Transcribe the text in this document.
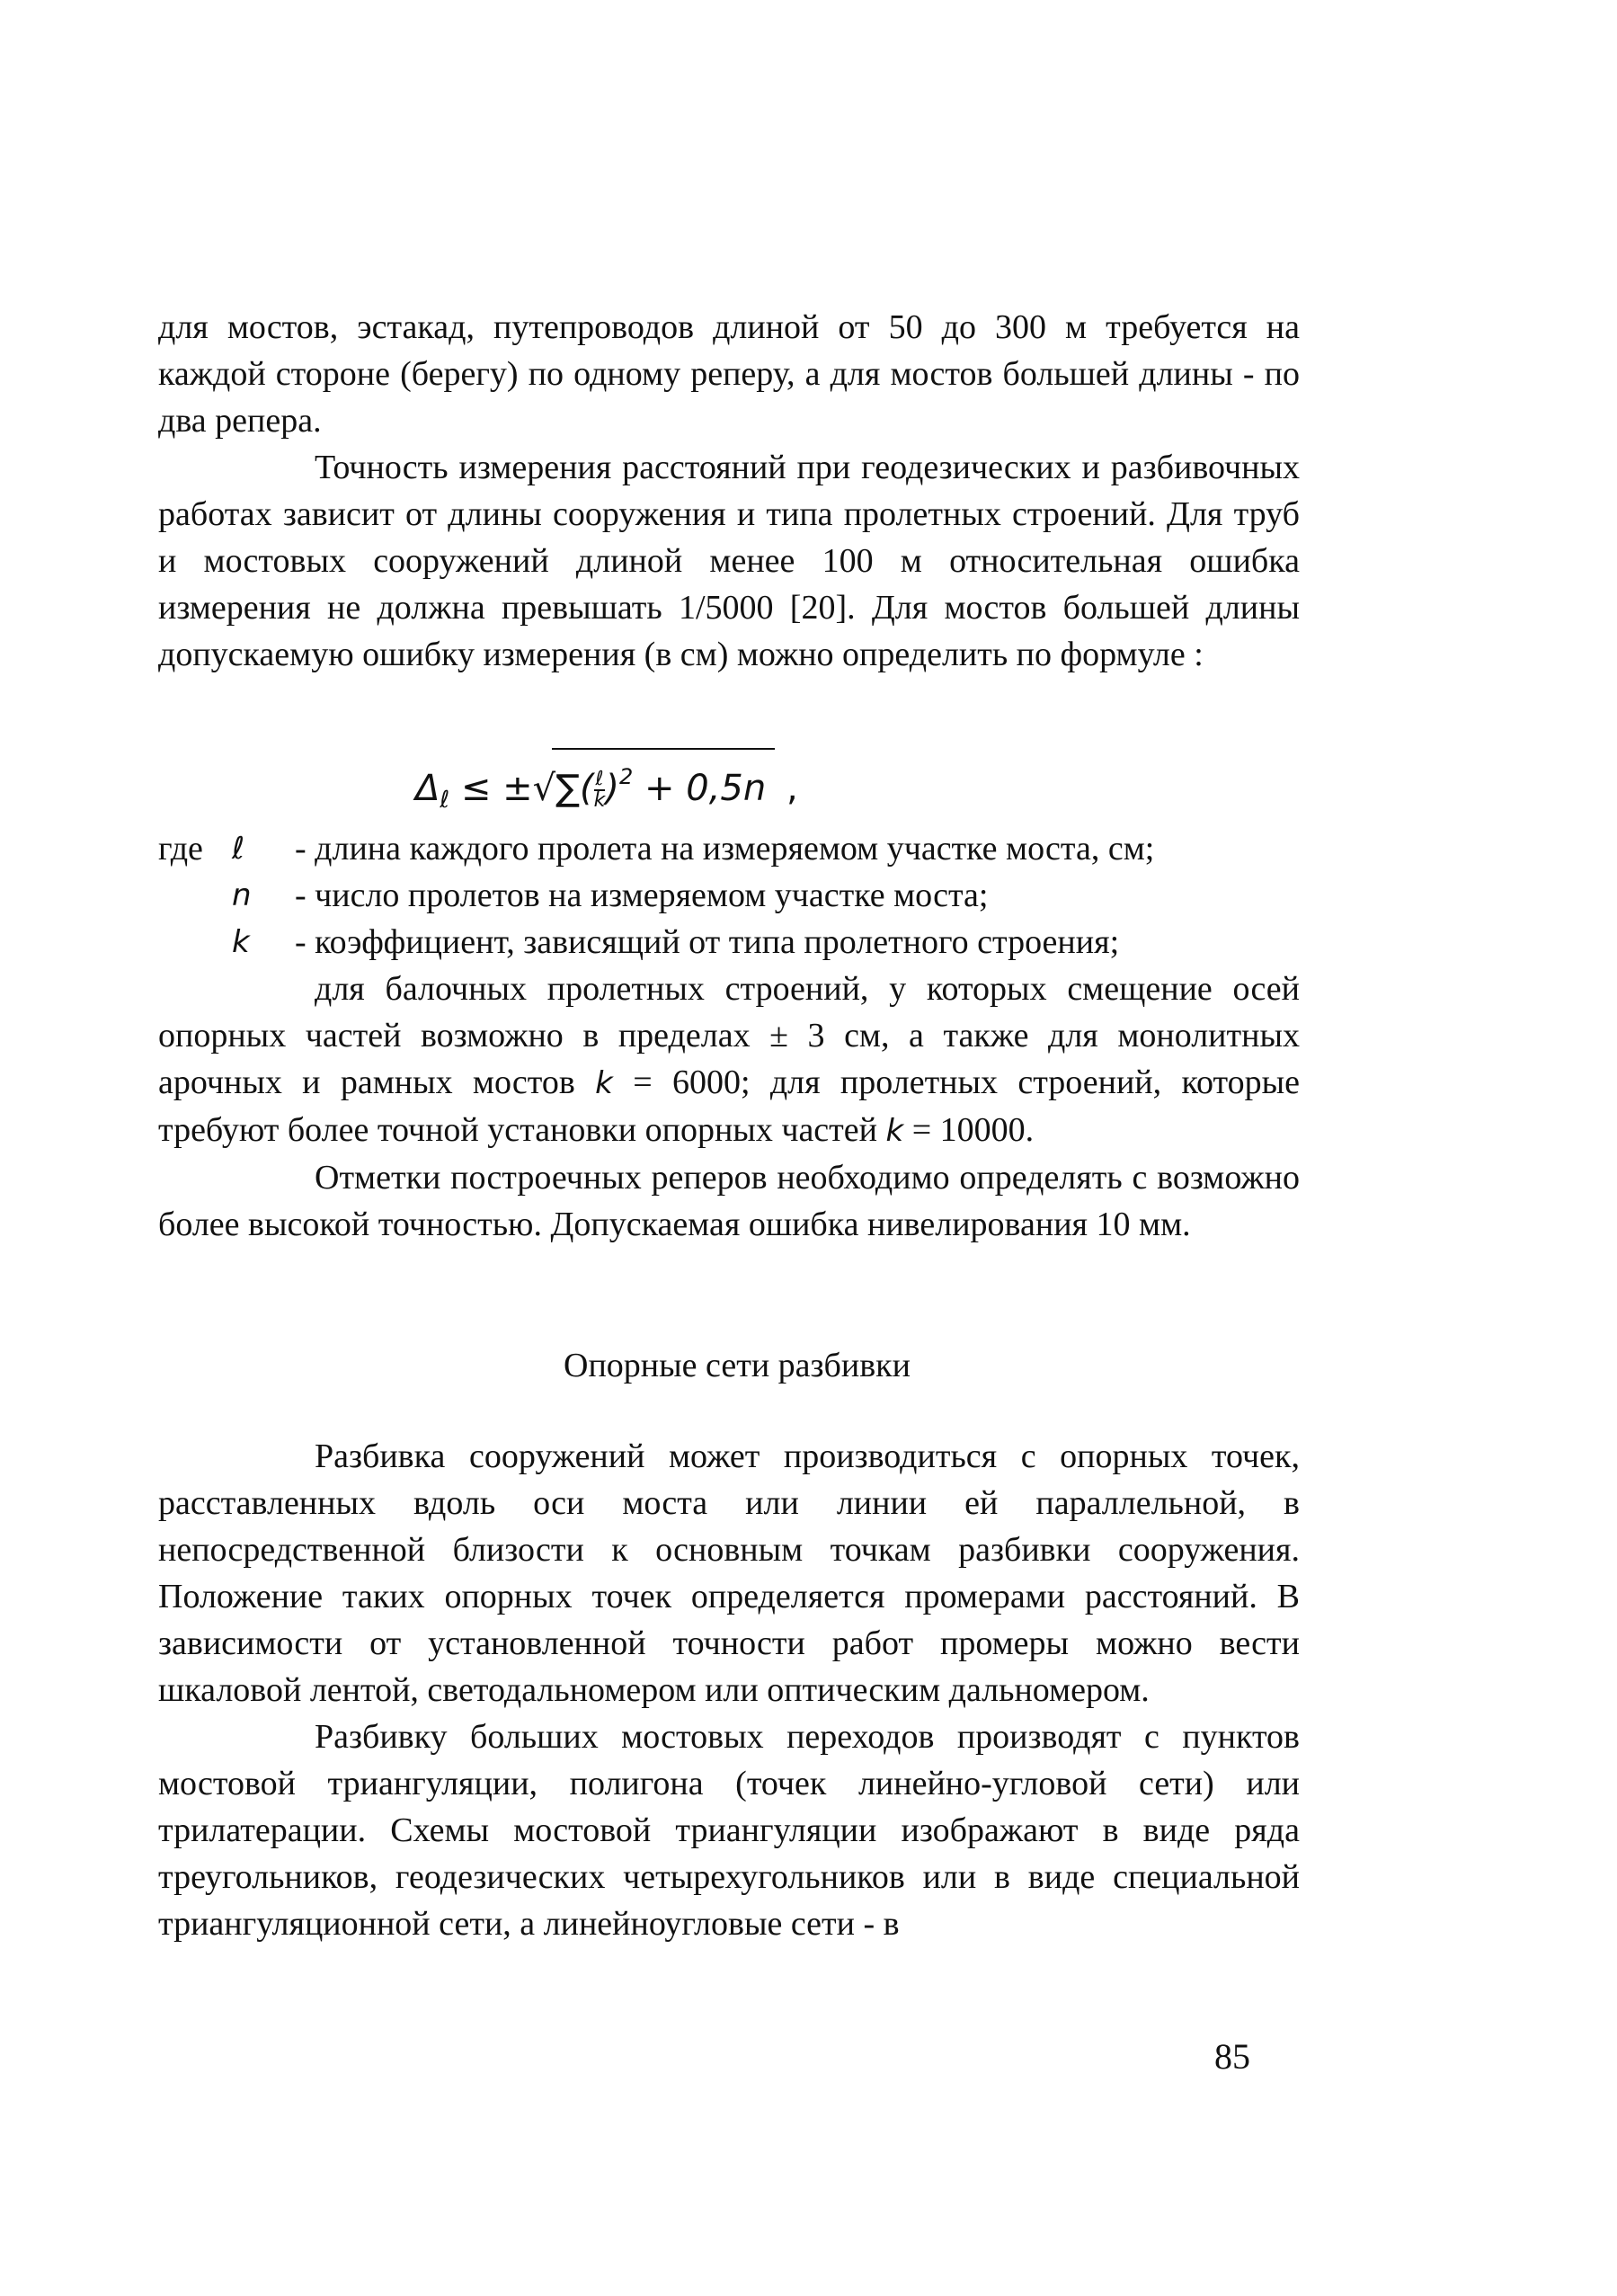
для мостов, эстакад, путепроводов длиной от 50 до 300 м требуется на каждой стороне (берегу) по одному реперу, а для мостов большей длины - по два репера.

Точность измерения расстояний при геодезических и разбивочных работах зависит от длины сооружения и типа пролетных строений. Для труб и мостовых сооружений длиной менее 100 м относительная ошибка измерения не должна превышать 1/5000 [20]. Для мостов большей длины допускаемую ошибку измерения (в см) можно определить по формуле :

$\Delta_\ell$ ≤ ±√∑( $\frac{\text{ℓ}}{k} )^2 + 0,5n$ ,
где ℓ	- длина каждого пролета на измеряемом участке моста, см;
n	- число пролетов на измеряемом участке моста;
k	- коэффициент, зависящий от типа пролетного строения;

для балочных пролетных строений, у которых смещение осей опорных частей возможно в пределах ± 3 см, а также для монолитных арочных и рамных мостов k = 6000; для пролетных строений, которые требуют более точной установки опорных частей k = 10000.

Отметки построечных реперов необходимо определять с возможно более высокой точностью. Допускаемая ошибка нивелирования 10 мм.

Опорные сети разбивки

Разбивка сооружений может производиться с опорных точек, расставленных вдоль оси моста или линии ей параллельной, в непосредственной близости к основным точкам разбивки сооружения. Положение таких опорных точек определяется промерами расстояний. В зависимости от установленной точности работ промеры можно вести шкаловой лентой, светодальномером или оптическим дальномером.

Разбивку больших мостовых переходов производят с пунктов мостовой триангуляции, полигона (точек линейно-угловой сети) или трилатерации. Схемы мостовой триангуляции изображают в виде ряда треугольников, геодезических четырехугольников или в виде специальной триангуляционной сети, а линейноугловые сети - в

85
